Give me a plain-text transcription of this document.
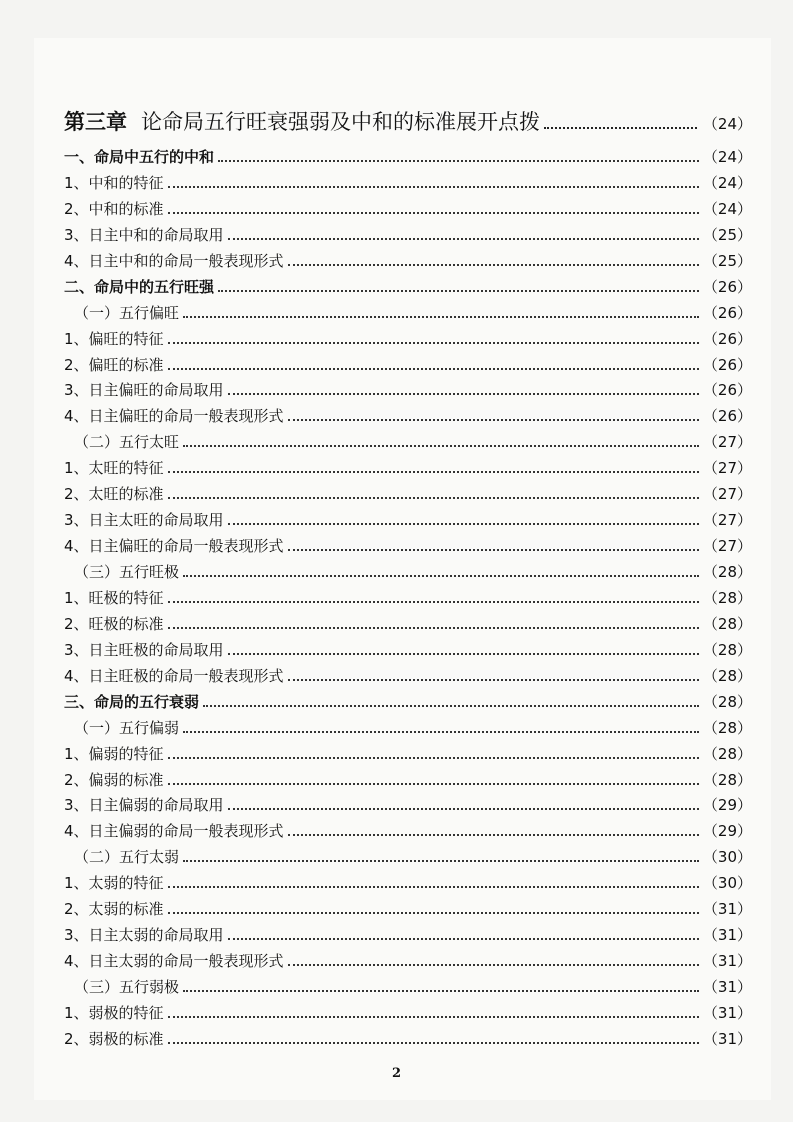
第三章 论命局五行旺衰强弱及中和的标准展开点拨	（24）
一、命局中五行的中和	（24）
1、中和的特征	（24）
2、中和的标准	（24）
3、日主中和的命局取用	（25）
4、日主中和的命局一般表现形式	（25）
二、命局中的五行旺强	（26）
（一）五行偏旺	（26）
1、偏旺的特征	（26）
2、偏旺的标准	（26）
3、日主偏旺的命局取用	（26）
4、日主偏旺的命局一般表现形式	（26）
（二）五行太旺	（27）
1、太旺的特征	（27）
2、太旺的标准	（27）
3、日主太旺的命局取用	（27）
4、日主偏旺的命局一般表现形式	（27）
（三）五行旺极	（28）
1、旺极的特征	（28）
2、旺极的标准	（28）
3、日主旺极的命局取用	（28）
4、日主旺极的命局一般表现形式	（28）
三、命局的五行衰弱	（28）
（一）五行偏弱	（28）
1、偏弱的特征	（28）
2、偏弱的标准	（28）
3、日主偏弱的命局取用	（29）
4、日主偏弱的命局一般表现形式	（29）
（二）五行太弱	（30）
1、太弱的特征	（30）
2、太弱的标准	（31）
3、日主太弱的命局取用	（31）
4、日主太弱的命局一般表现形式	（31）
（三）五行弱极	（31）
1、弱极的特征	（31）
2、弱极的标准	（31）
2
